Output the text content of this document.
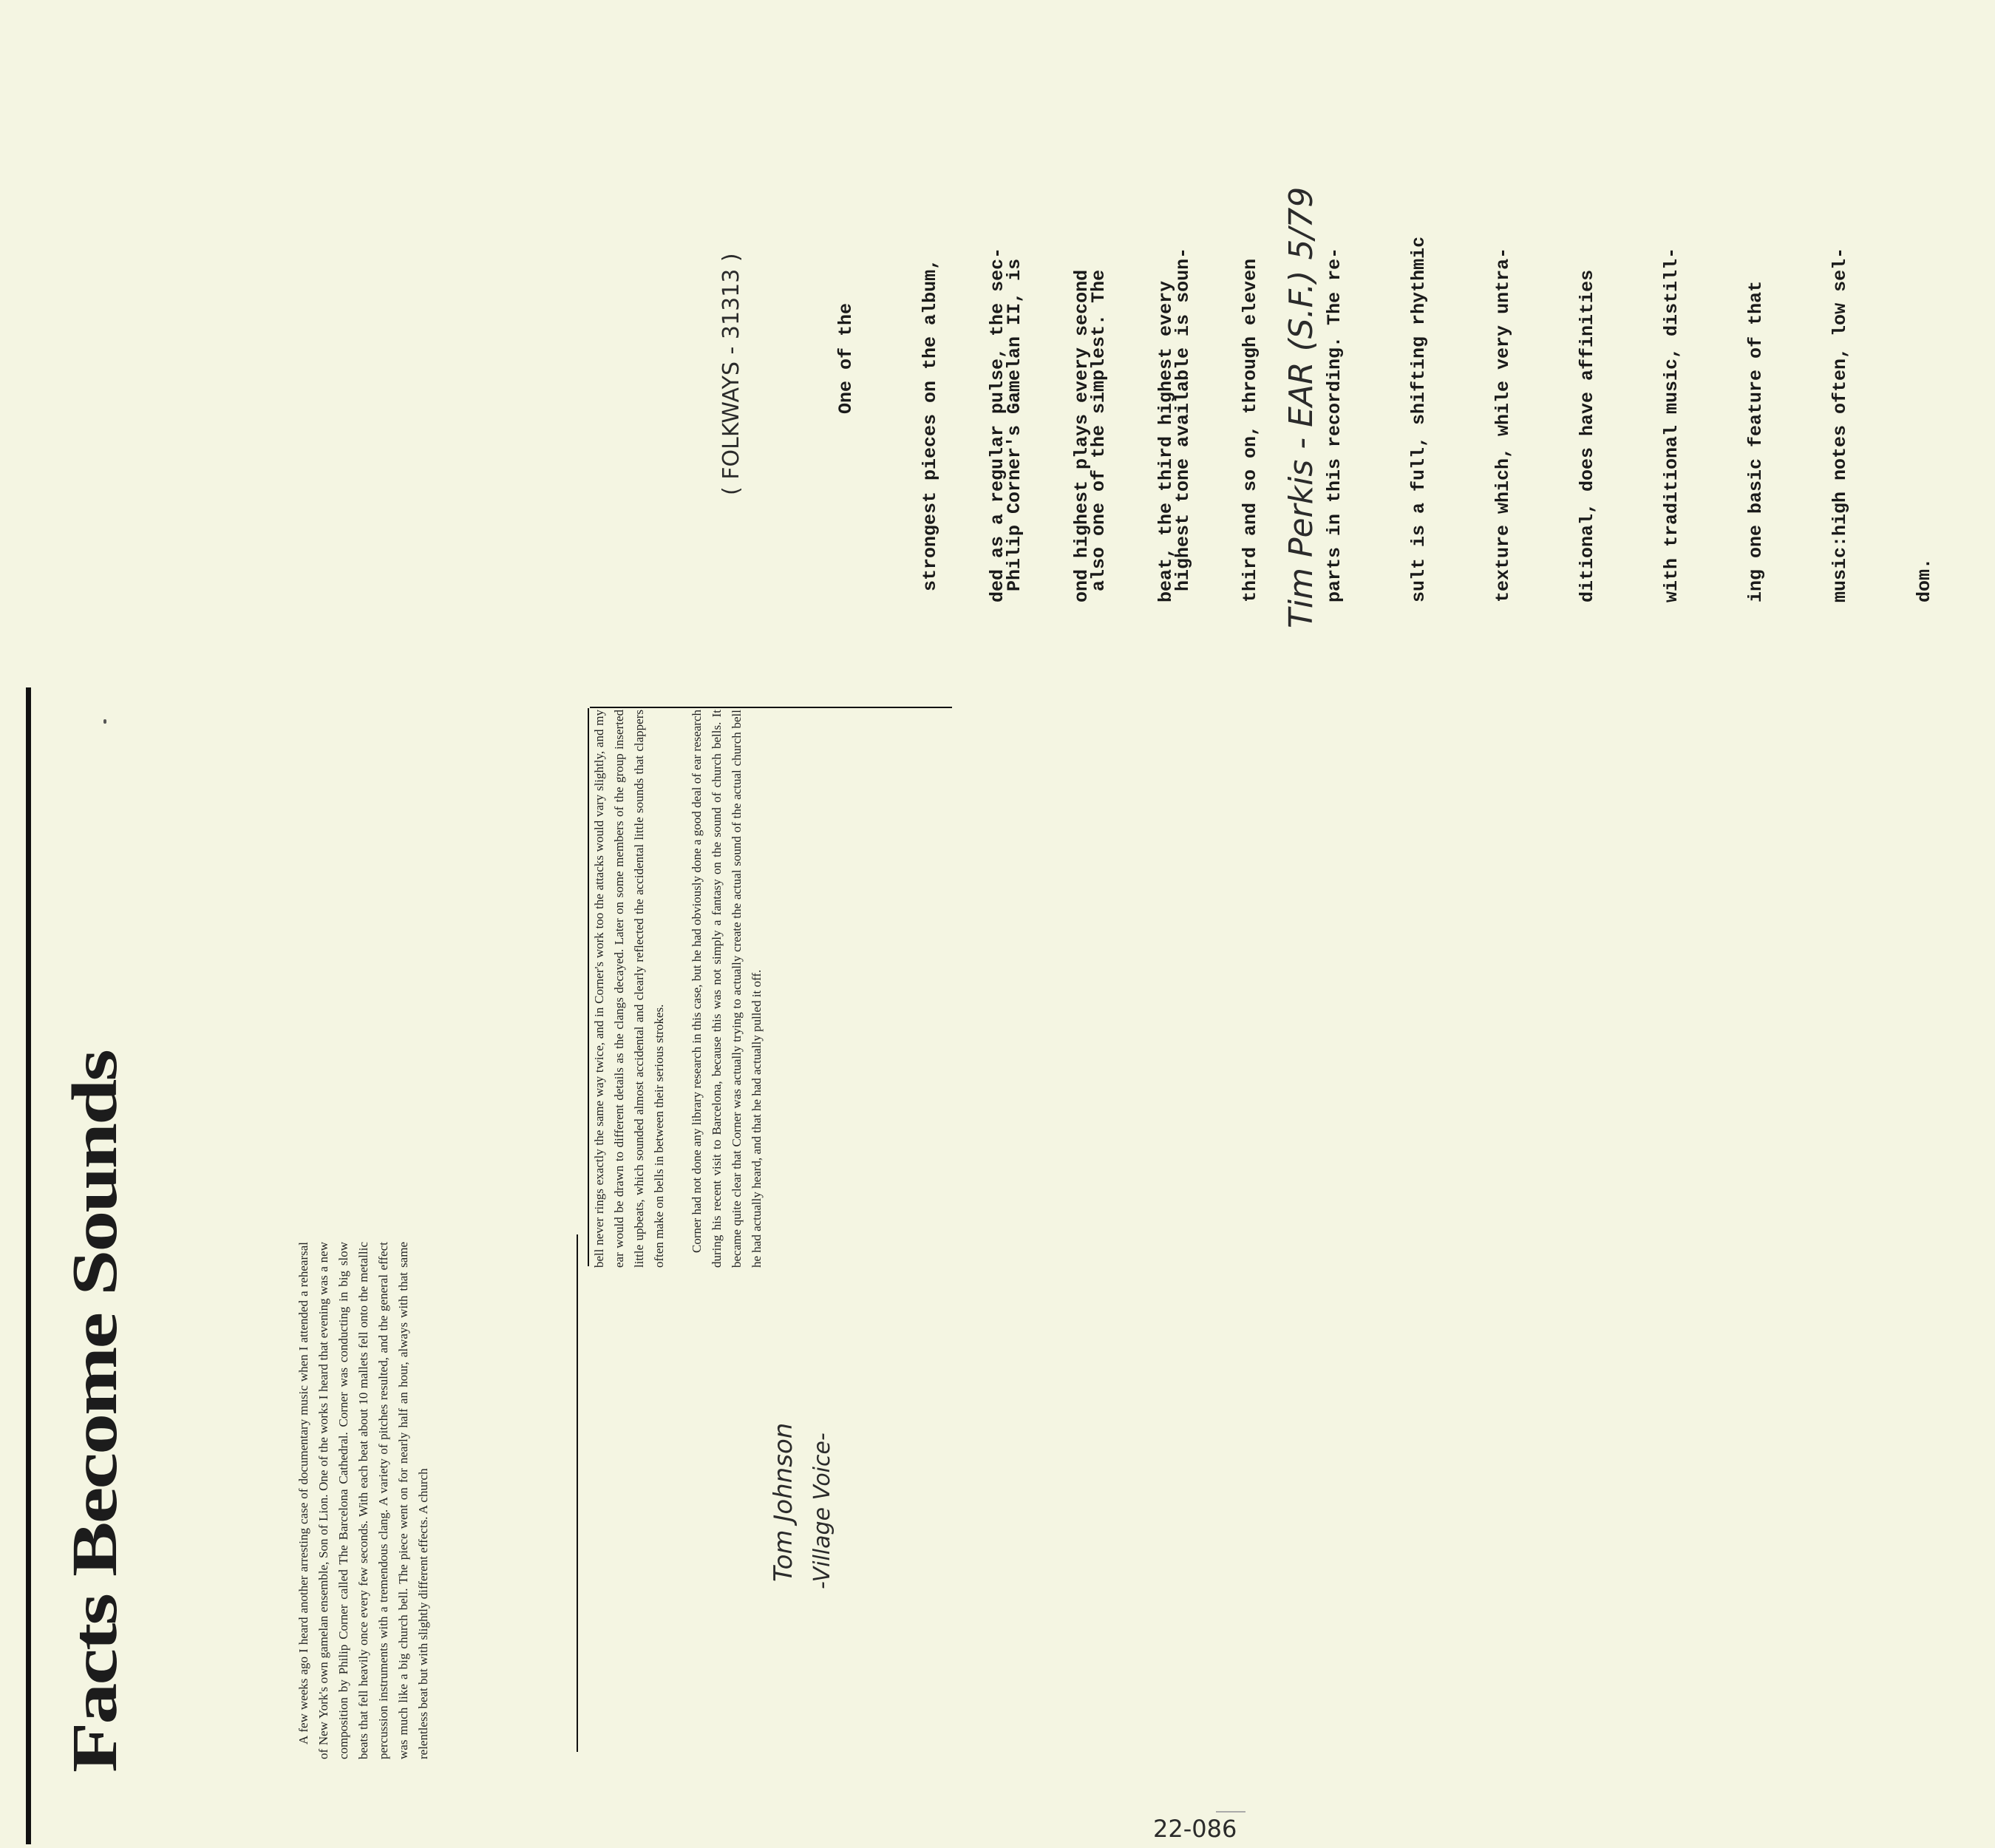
Facts Become Sounds	A few weeks ago I heard another arresting case of documentary music when I attended a rehearsal of New York's own gamelan ensemble, Son of Lion. One of the works I heard that evening was a new composition by Philip Corner called The Barcelona Cathedral. Corner was conducting in big slow beats that fell heavily once every few seconds. With each beat about 10 mallets fell onto the metallic percussion instruments with a tremendous clang. A variety of pitches resulted, and the general effect was much like a big church bell. The piece went on for nearly half an hour, always with that same relentless beat but with slightly different effects. A church

bell never rings exactly the same way twice, and in Corner's work too the attacks would vary slightly, and my ear would be drawn to different details as the clangs decayed. Later on some members of the group inserted little upbeats, which sounded almost accidental and clearly reflected the accidental little sounds that clappers often make on bells in between their serious strokes. Corner had not done any library research in this case, but he had obviously done a good deal of ear research during his recent visit to Barcelona, because this was not simply a fantasy on the sound of church bells. It became quite clear that Corner was actually trying to actually create the actual sound of the actual church bell he had actually heard, and that he had actually pulled it off.

Tom Johnson -Village Voice-
( FOLKWAYS - 31313 )

	One of the

	strongest pieces on the album,

	Philip Corner's Gamelan II, is

	also one of the simplest. The

	highest tone available is soun-

ded as a regular pulse, the sec-

	ond highest plays every second

	beat, the third highest every

	third and so on, through eleven

	parts in this recording. The re-

	sult is a full, shifting rhythmic

	texture which, while very untra-

	ditional, does have affinities

	with traditional music, distill-

	ing one basic feature of that

	music:high notes often, low sel-

	dom.

Tim Perkis - EAR (S.F.) 5/79
22-086
